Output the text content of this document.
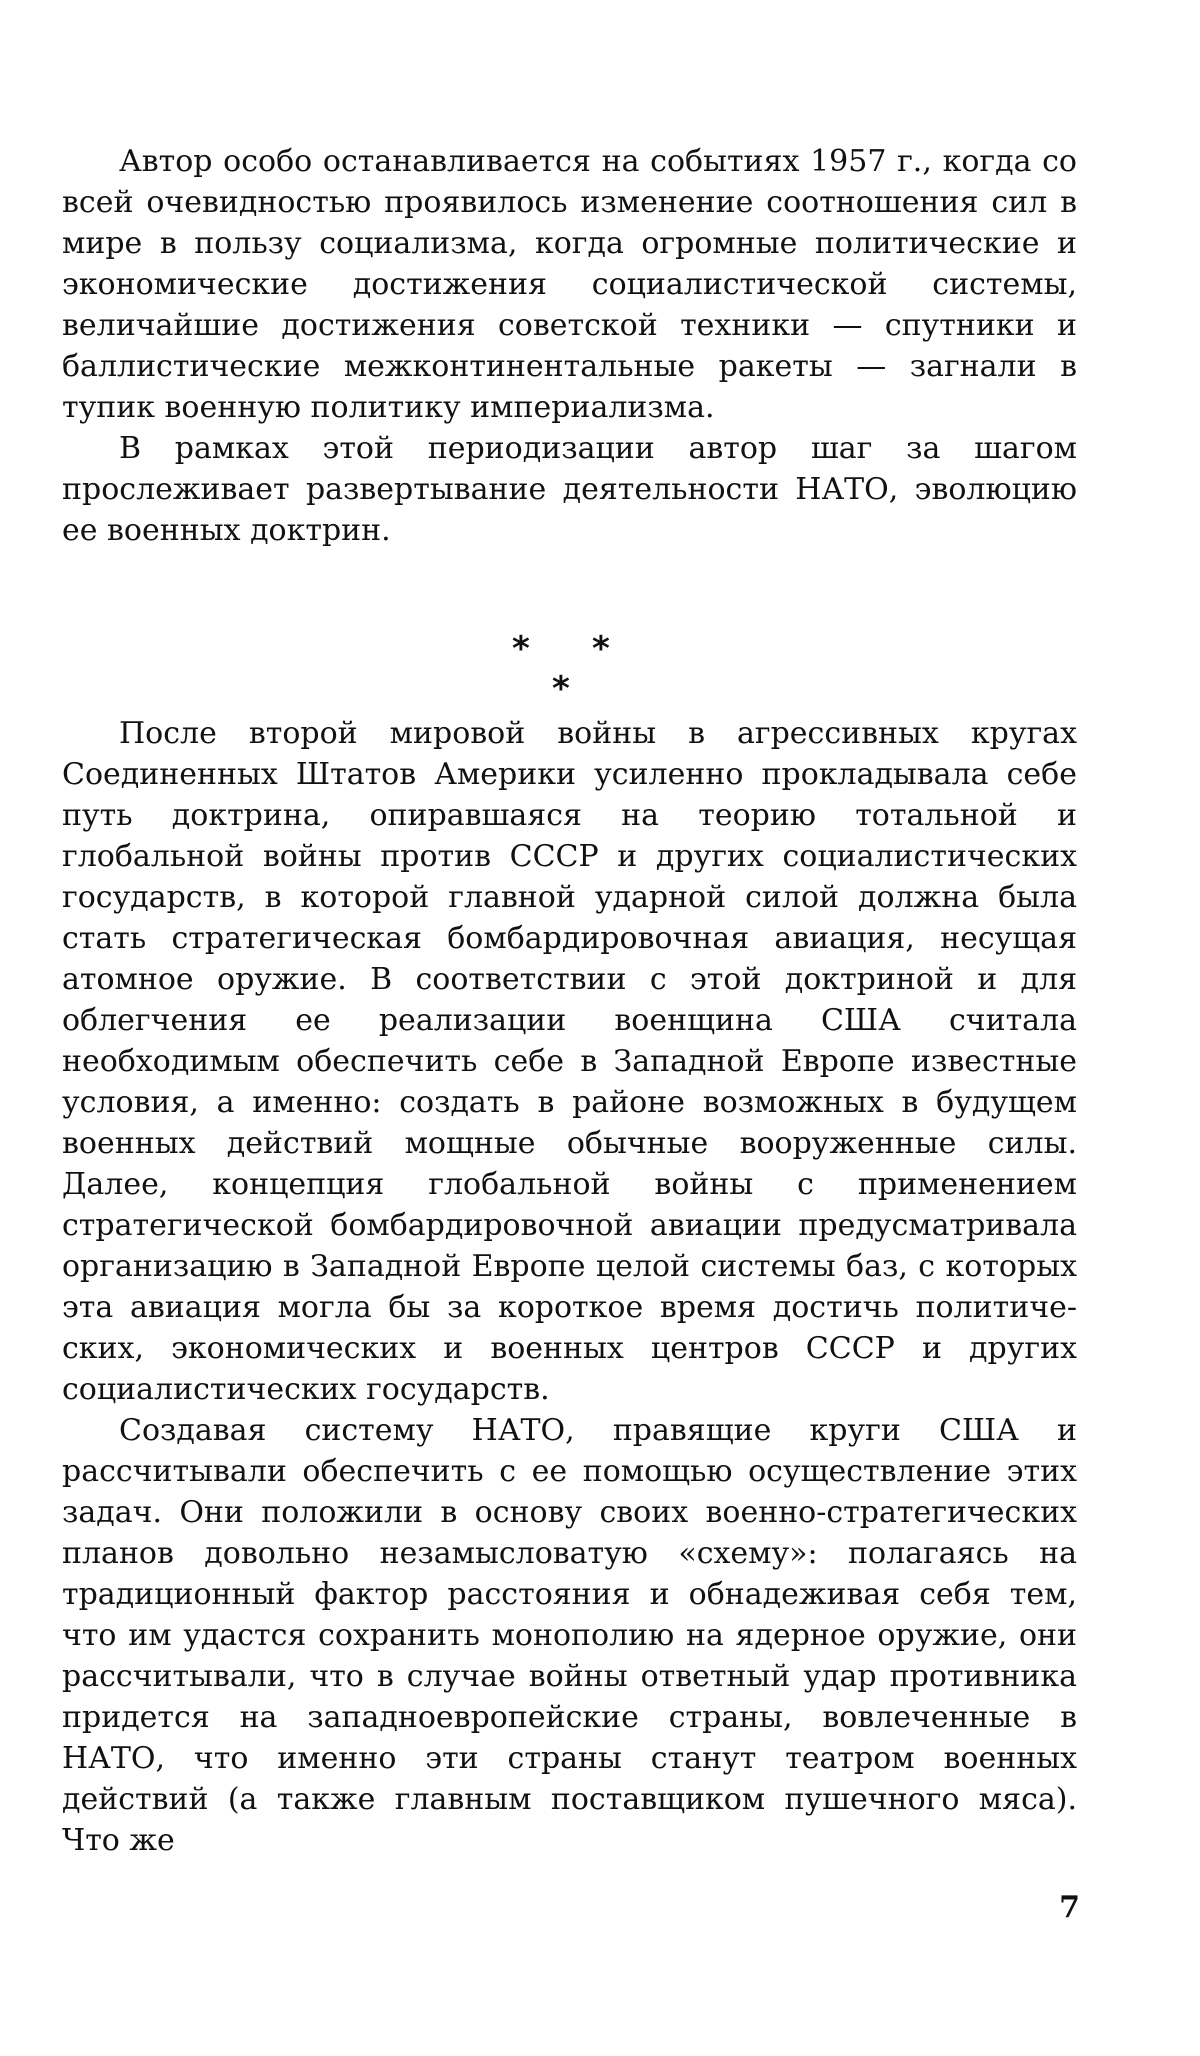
Автор особо останавливается на событиях 1957 г., когда со всей очевидностью проявилось изменение соотношения сил в мире в пользу социализма, когда огромные политические и экономические достижения социалистической системы, величайшие достижения советской техники — спутники и баллистические межконтинентальные ракеты — загнали в тупик военную политику империализма.

В рамках этой периодизации автор шаг за шагом прослеживает развертывание деятельности НАТО, эволюцию ее военных доктрин.

* *
*

После второй мировой войны в агрессивных кругах Соединенных Штатов Америки усиленно прокладывала себе путь доктрина, опиравшаяся на теорию тотальной и глобальной войны против СССР и других социалистических государств, в которой главной ударной силой должна была стать стратегическая бомбардировочная авиация, несущая атомное оружие. В соответствии с этой доктриной и для облегчения ее реализации военщина США считала необходимым обеспечить себе в Западной Европе известные условия, а именно: создать в районе возможных в будущем военных действий мощные обычные вооруженные силы. Далее, концепция глобальной войны с применением стратегической бомбардировочной авиации предусматривала организацию в Западной Европе целой системы баз, с которых эта авиация могла бы за короткое время достичь политических, экономических и военных центров СССР и других социалистических государств.

Создавая систему НАТО, правящие круги США и рассчитывали обеспечить с ее помощью осуществление этих задач. Они положили в основу своих военно-стратегических планов довольно незамысловатую «схему»: полагаясь на традиционный фактор расстояния и обнадеживая себя тем, что им удастся сохранить монополию на ядерное оружие, они рассчитывали, что в случае войны ответный удар противника придется на западноевропейские страны, вовлеченные в НАТО, что именно эти страны станут театром военных действий (а также главным поставщиком пушечного мяса). Что же

7
